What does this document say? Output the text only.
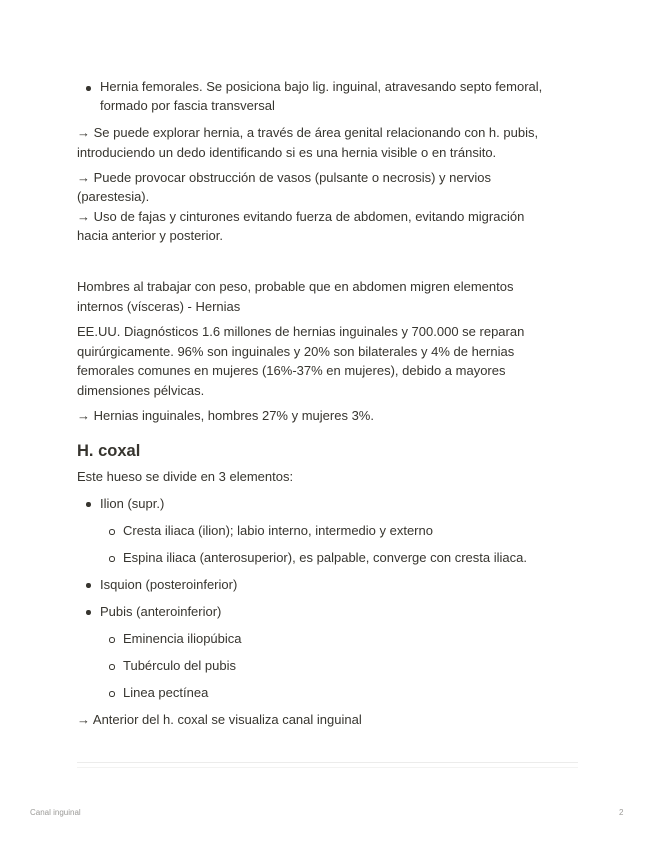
Hernia femorales. Se posiciona bajo lig. inguinal, atravesando septo femoral,

formado por fascia transversal

→ Se puede explorar hernia, a través de área genital relacionando con h. pubis,

introduciendo un dedo identificando si es una hernia visible o en tránsito.

→ Puede provocar obstrucción de vasos (pulsante o necrosis) y nervios

(parestesia).

→ Uso de fajas y cinturones evitando fuerza de abdomen, evitando migración

hacia anterior y posterior.

Hombres al trabajar con peso, probable que en abdomen migren elementos

internos (vísceras) - Hernias

EE.UU. Diagnósticos 1.6 millones de hernias inguinales y 700.000 se reparan

quirúrgicamente. 96% son inguinales y 20% son bilaterales y 4% de hernias

femorales comunes en mujeres (16%-37% en mujeres), debido a mayores

dimensiones pélvicas.

→ Hernias inguinales, hombres 27% y mujeres 3%.

H. coxal

Este hueso se divide en 3 elementos:

Ilion (supr.)

Cresta iliaca (ilion); labio interno, intermedio y externo

Espina iliaca (anterosuperior), es palpable, converge con cresta iliaca.

Isquion (posteroinferior)

Pubis (anteroinferior)

Eminencia iliopúbica

Tubérculo del pubis

Linea pectínea

→ Anterior del h. coxal se visualiza canal inguinal

Canal inguinal	2
